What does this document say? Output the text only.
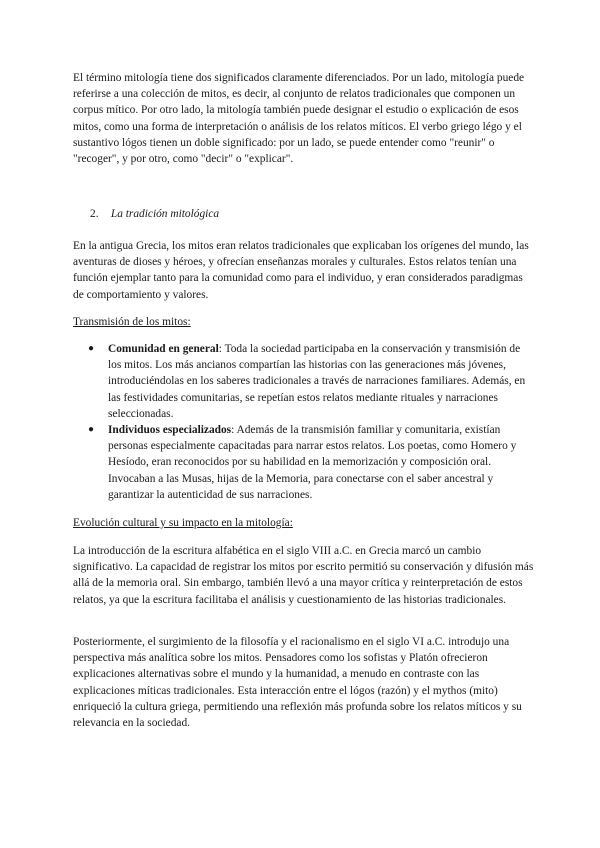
El término mitología tiene dos significados claramente diferenciados. Por un lado, mitología puede referirse a una colección de mitos, es decir, al conjunto de relatos tradicionales que componen un corpus mítico. Por otro lado, la mitología también puede designar el estudio o explicación de esos mitos, como una forma de interpretación o análisis de los relatos míticos. El verbo griego légo y el sustantivo lógos tienen un doble significado: por un lado, se puede entender como "reunir" o "recoger", y por otro, como "decir" o "explicar".

2. La tradición mitológica

En la antigua Grecia, los mitos eran relatos tradicionales que explicaban los orígenes del mundo, las aventuras de dioses y héroes, y ofrecían enseñanzas morales y culturales. Estos relatos tenían una función ejemplar tanto para la comunidad como para el individuo, y eran considerados paradigmas de comportamiento y valores.

Transmisión de los mitos:
● Comunidad en general: Toda la sociedad participaba en la conservación y transmisión de los mitos. Los más ancianos compartían las historias con las generaciones más jóvenes, introduciéndolas en los saberes tradicionales a través de narraciones familiares. Además, en las festividades comunitarias, se repetían estos relatos mediante rituales y narraciones seleccionadas.
● Individuos especializados: Además de la transmisión familiar y comunitaria, existían personas especialmente capacitadas para narrar estos relatos. Los poetas, como Homero y Hesíodo, eran reconocidos por su habilidad en la memorización y composición oral. Invocaban a las Musas, hijas de la Memoria, para conectarse con el saber ancestral y garantizar la autenticidad de sus narraciones.
Evolución cultural y su impacto en la mitología:

La introducción de la escritura alfabética en el siglo VIII a.C. en Grecia marcó un cambio significativo. La capacidad de registrar los mitos por escrito permitió su conservación y difusión más allá de la memoria oral. Sin embargo, también llevó a una mayor crítica y reinterpretación de estos relatos, ya que la escritura facilitaba el análisis y cuestionamiento de las historias tradicionales.

Posteriormente, el surgimiento de la filosofía y el racionalismo en el siglo VI a.C. introdujo una perspectiva más analítica sobre los mitos. Pensadores como los sofistas y Platón ofrecieron explicaciones alternativas sobre el mundo y la humanidad, a menudo en contraste con las explicaciones míticas tradicionales. Esta interacción entre el lógos (razón) y el mythos (mito) enriqueció la cultura griega, permitiendo una reflexión más profunda sobre los relatos míticos y su relevancia en la sociedad.
